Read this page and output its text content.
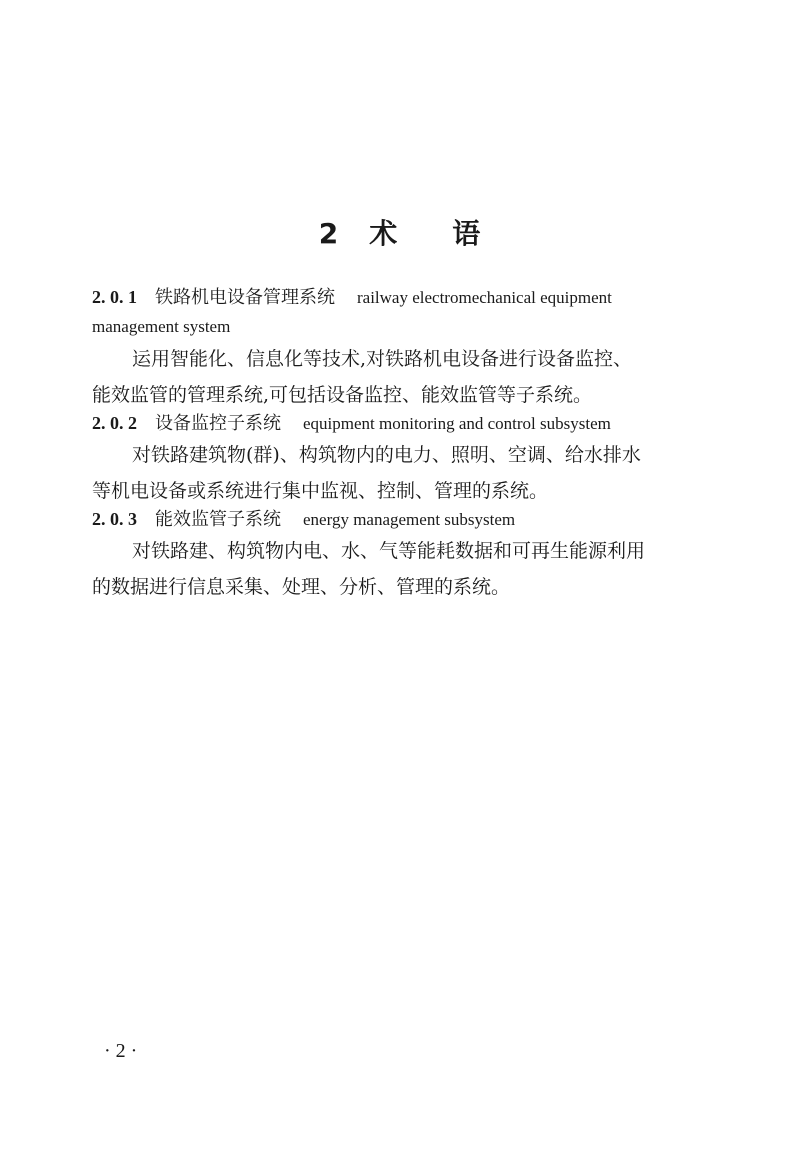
2 术 语
2. 0. 1 铁路机电设备管理系统 railway electromechanical equipment
management system
运用智能化、信息化等技术,对铁路机电设备进行设备监控、
能效监管的管理系统,可包括设备监控、能效监管等子系统。
2. 0. 2 设备监控子系统 equipment monitoring and control subsystem
对铁路建筑物(群)、构筑物内的电力、照明、空调、给水排水
等机电设备或系统进行集中监视、控制、管理的系统。
2. 0. 3 能效监管子系统 energy management subsystem
对铁路建、构筑物内电、水、气等能耗数据和可再生能源利用
的数据进行信息采集、处理、分析、管理的系统。
· 2 ·
